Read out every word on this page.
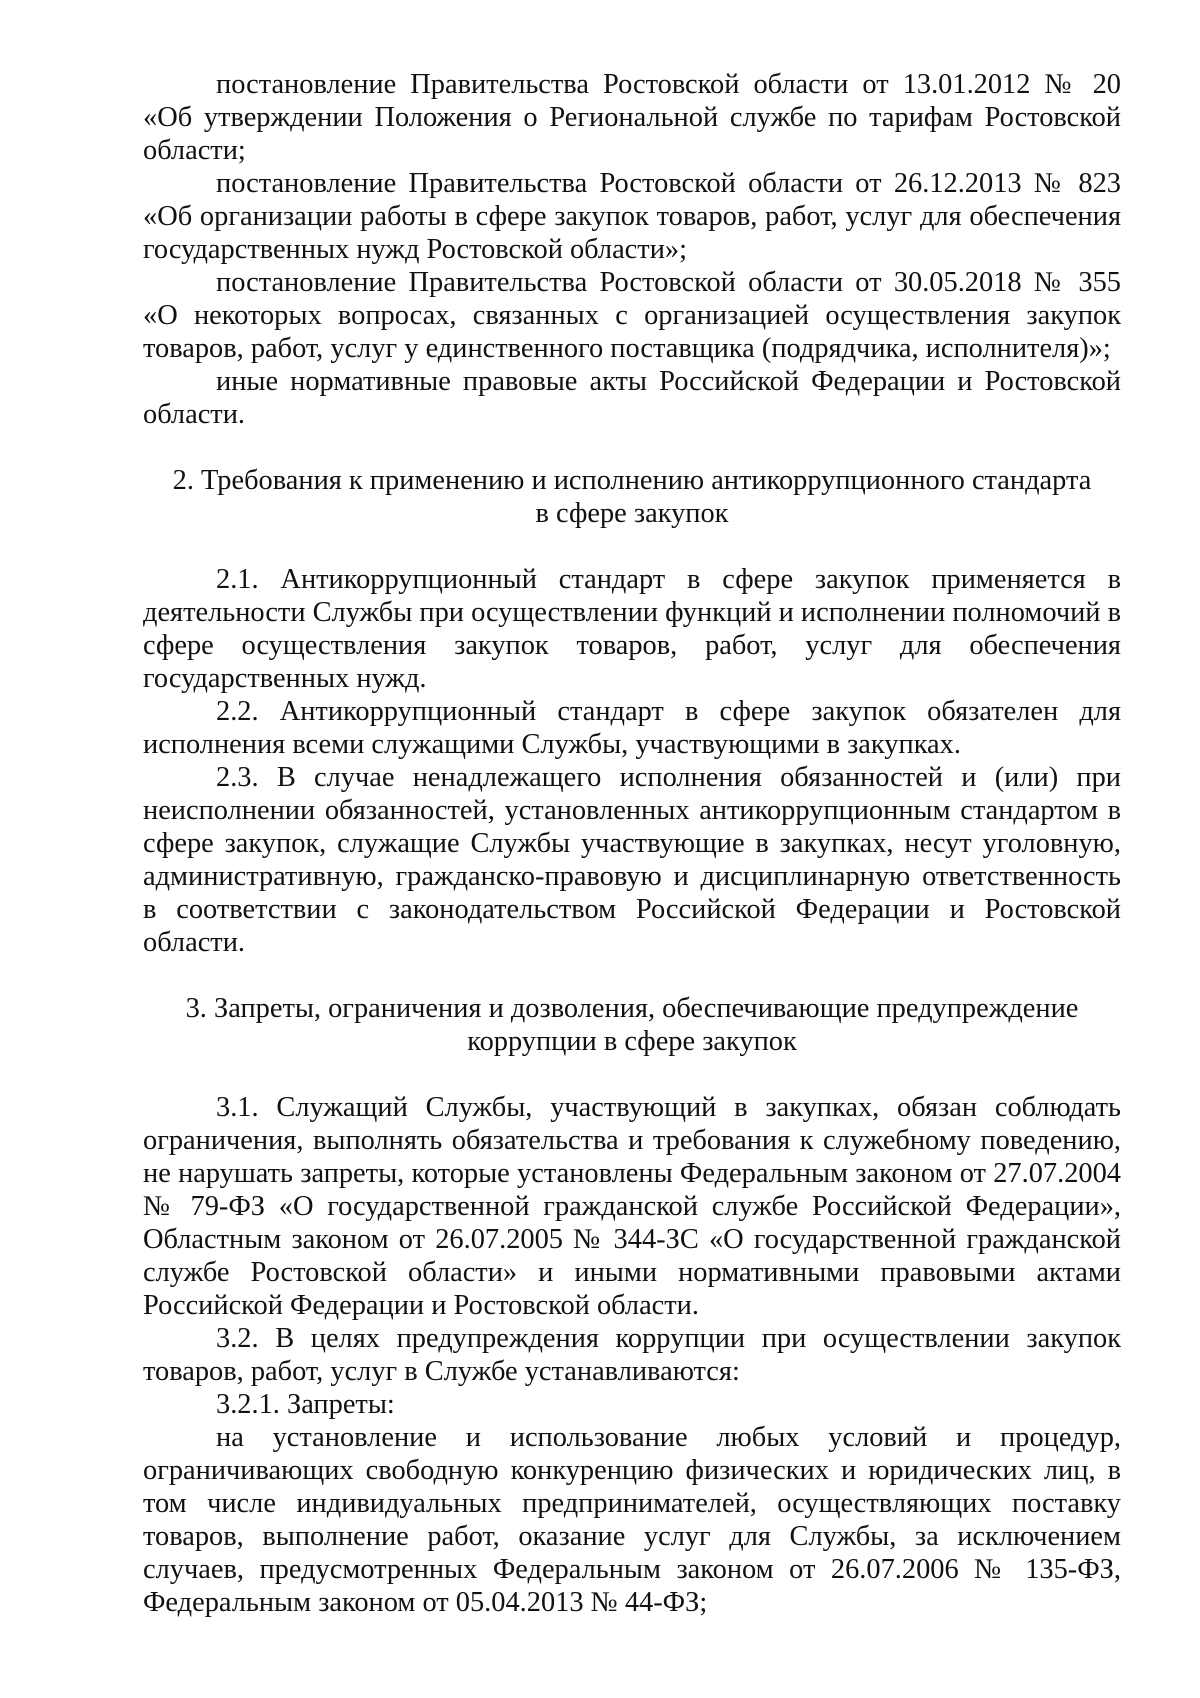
постановление Правительства Ростовской области от 13.01.2012 № 20 «Об утверждении Положения о Региональной службе по тарифам Ростовской области;

постановление Правительства Ростовской области от 26.12.2013 № 823 «Об организации работы в сфере закупок товаров, работ, услуг для обеспечения государственных нужд Ростовской области»;

постановление Правительства Ростовской области от 30.05.2018 № 355 «О некоторых вопросах, связанных с организацией осуществления закупок товаров, работ, услуг у единственного поставщика (подрядчика, исполнителя)»;

иные нормативные правовые акты Российской Федерации и Ростовской области.

2. Требования к применению и исполнению антикоррупционного стандарта

в сфере закупок

2.1. Антикоррупционный стандарт в сфере закупок применяется в деятельности Службы при осуществлении функций и исполнении полномочий в сфере осуществления закупок товаров, работ, услуг для обеспечения государственных нужд.

2.2. Антикоррупционный стандарт в сфере закупок обязателен для исполнения всеми служащими Службы, участвующими в закупках.

2.3. В случае ненадлежащего исполнения обязанностей и (или) при неисполнении обязанностей, установленных антикоррупционным стандартом в сфере закупок, служащие Службы участвующие в закупках, несут уголовную, административную, гражданско-правовую и дисциплинарную ответственность в соответствии с законодательством Российской Федерации и Ростовской области.

3. Запреты, ограничения и дозволения, обеспечивающие предупреждение

коррупции в сфере закупок

3.1. Служащий Службы, участвующий в закупках, обязан соблюдать ограничения, выполнять обязательства и требования к служебному поведению, не нарушать запреты, которые установлены Федеральным законом от 27.07.2004 № 79-ФЗ «О государственной гражданской службе Российской Федерации», Областным законом от 26.07.2005 № 344-ЗС «О государственной гражданской службе Ростовской области» и иными нормативными правовыми актами Российской Федерации и Ростовской области.

3.2. В целях предупреждения коррупции при осуществлении закупок товаров, работ, услуг в Службе устанавливаются:

3.2.1. Запреты:

на установление и использование любых условий и процедур, ограничивающих свободную конкуренцию физических и юридических лиц, в том числе индивидуальных предпринимателей, осуществляющих поставку товаров, выполнение работ, оказание услуг для Службы, за исключением случаев, предусмотренных Федеральным законом от 26.07.2006 № 135-ФЗ, Федеральным законом от 05.04.2013 № 44-ФЗ;
